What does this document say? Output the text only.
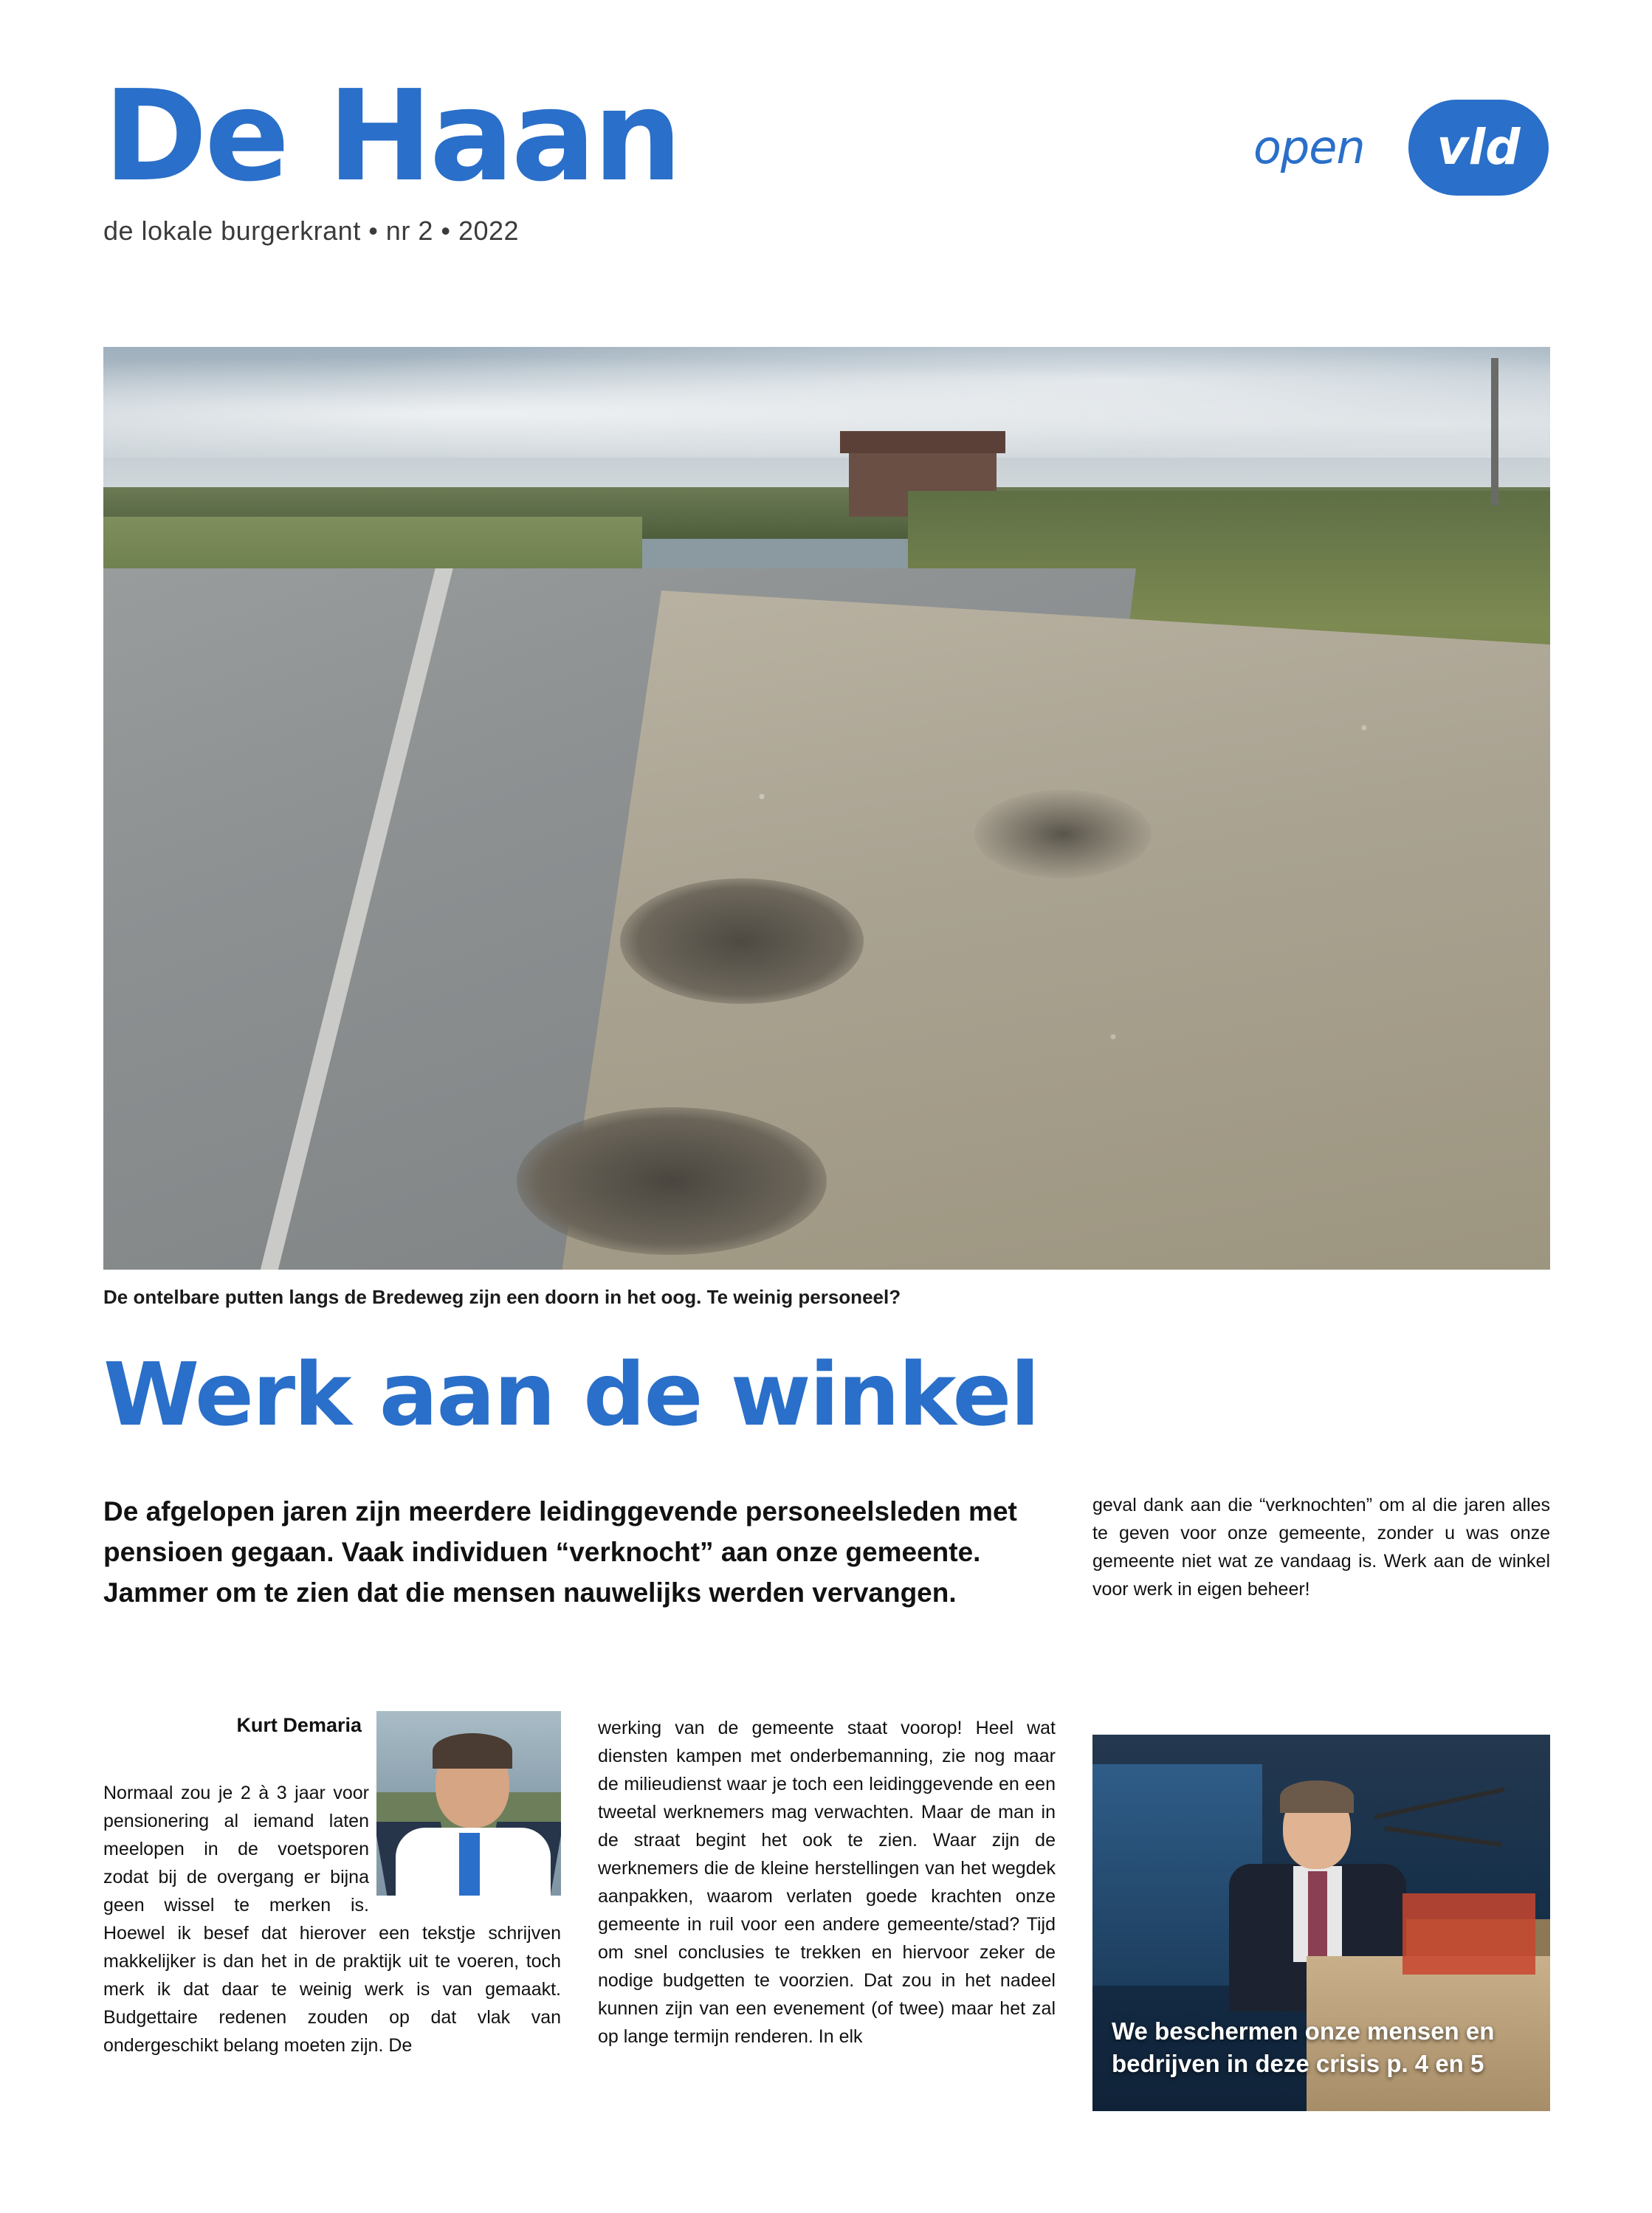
De Haan
de lokale burgerkrant • nr 2 • 2022
open	vld
De ontelbare putten langs de Bredeweg zijn een doorn in het oog. Te weinig personeel?
Werk aan de winkel
De afgelopen jaren zijn meerdere leidinggevende personeelsleden met pensioen gegaan. Vaak individuen “verknocht” aan onze gemeente. Jammer om te zien dat die mensen nauwelijks werden vervangen.
geval dank aan die “verknochten” om al die jaren alles te geven voor onze gemeente, zonder u was onze gemeente niet wat ze vandaag is. Werk aan de winkel voor werk in eigen beheer!
Kurt Demaria
Normaal zou je 2 à 3 jaar voor pensionering al iemand laten meelopen in de voetsporen zodat bij de overgang er bijna geen wissel te merken is. Hoewel ik besef dat hierover een tekstje schrijven makkelijker is dan het in de praktijk uit te voeren, toch merk ik dat daar te weinig werk is van gemaakt. Budgettaire redenen zouden op dat vlak van ondergeschikt belang moeten zijn. De
werking van de gemeente staat voorop! Heel wat diensten kampen met onderbemanning, zie nog maar de milieudienst waar je toch een leidinggevende en een tweetal werknemers mag verwachten. Maar de man in de straat begint het ook te zien. Waar zijn de werknemers die de kleine herstellingen van het wegdek aanpakken, waarom verlaten goede krachten onze gemeente in ruil voor een andere gemeente/stad? Tijd om snel conclusies te trekken en hiervoor zeker de nodige budgetten te voorzien. Dat zou in het nadeel kunnen zijn van een evenement (of twee) maar het zal op lange termijn renderen. In elk	We beschermen onze mensen en bedrijven in deze crisis p. 4 en 5
